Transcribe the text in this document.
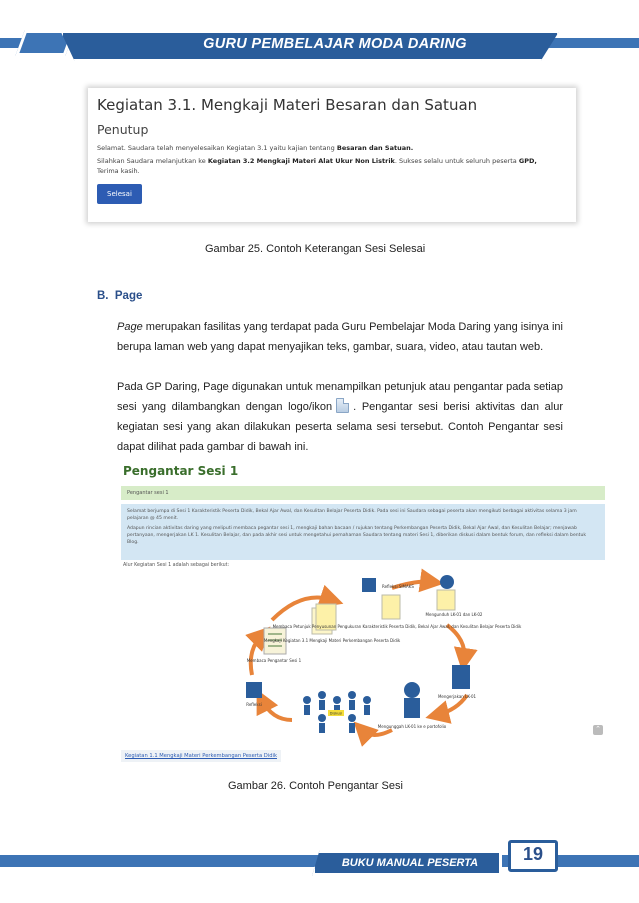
GURU PEMBELAJAR MODA DARING
Kegiatan 3.1. Mengkaji Materi Besaran dan Satuan
Penutup

Selamat. Saudara telah menyelesaikan Kegiatan 3.1 yaitu kajian tentang Besaran dan Satuan.

Silahkan Saudara melanjutkan ke Kegiatan 3.2 Mengkaji Materi Alat Ukur Non Listrik. Sukses selalu untuk seluruh peserta GPD,
Terima kasih.

Selesai
Gambar 25. Contoh Keterangan Sesi Selesai
B. Page
Page merupakan fasilitas yang terdapat pada Guru Pembelajar Moda Daring yang isinya ini berupa laman web yang dapat menyajikan teks, gambar, suara, video, atau tautan web.
Pada GP Daring, Page digunakan untuk menampilkan petunjuk atau pengantar pada setiap sesi yang dilambangkan dengan logo/ikon . Pengantar sesi berisi aktivitas dan alur kegiatan sesi yang akan dilakukan peserta selama sesi tersebut. Contoh Pengantar sesi dapat dilihat pada gambar di bawah ini.
Pengantar Sesi 1
Pengantar sesi 1
Selamat berjumpa di Sesi 1 Karakteristik Peserta Didik, Bekal Ajar Awal, dan Kesulitan Belajar Peserta Didik. Pada sesi ini Saudara sebagai peserta akan mengikuti berbagai aktivitas selama 3 jam pelajaran @ 45 menit.
Adapun rincian aktivitas daring yang meliputi membaca pegantar sesi 1, mengkaji bahan bacaan / rujukan tentang Perkembangan Peserta Didik, Bekal Ajar Awal, dan Kesulitan Belajar; menjawab pertanyaan, mengerjakan LK 1. Kesulitan Belajar, dan pada akhir sesi untuk mengetahui pemahaman Saudara tentang materi Sesi 1, diberikan diskusi dalam bentuk forum, dan refleksi dalam bentuk Blog.
Alur Kegiatan Sesi 1 adalah sebagai berikut:
Membaca Pengantar Sesi 1
Mengkaji Kegiatan 3.1 Mengkaji Materi Perkembangan Peserta Didik
Refleksi SIMAKS
Membaca Petunjuk Penyusunan Pengukuran Karakteristik Peserta Didik, Bekal Ajar Awal, dan Kesulitan Belajar Peserta Didik
Mengunduh LK-01 dan LK-02
Mengerjakan LK-01
Mengunggah LK-01 ke e portofolio
Diskusi
Refleksi
⌃
Kegiatan 1.1 Mengkaji Materi Perkembangan Peserta Didik
Gambar 26. Contoh Pengantar Sesi
BUKU MANUAL PESERTA	19
